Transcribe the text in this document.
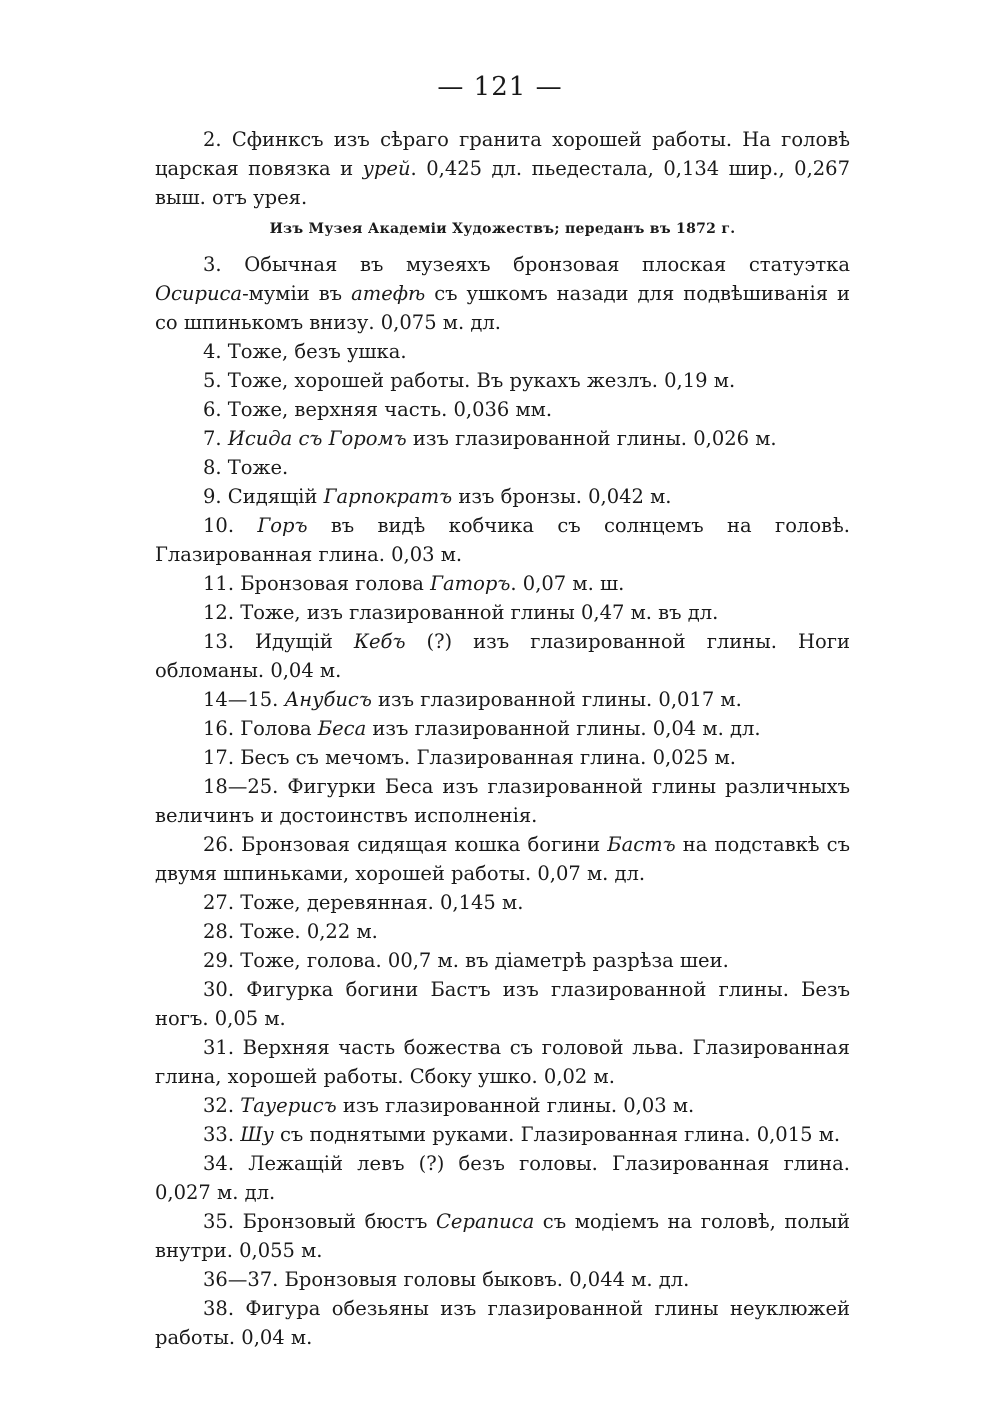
— 121 —

2. Сфинксъ изъ сѣраго гранита хорошей работы. На головѣ царская повязка и урей. 0,425 дл. пьедестала, 0,134 шир., 0,267 выш. отъ урея.

Изъ Музея Академіи Художествъ; переданъ въ 1872 г.

3. Обычная въ музеяхъ бронзовая плоская статуэтка Осириса-муміи въ атефѣ съ ушкомъ назади для подвѣшиванія и со шпинькомъ внизу. 0,075 м. дл.

4. Тоже, безъ ушка.

5. Тоже, хорошей работы. Въ рукахъ жезлъ. 0,19 м.

6. Тоже, верхняя часть. 0,036 мм.

7. Исида съ Горомъ изъ глазированной глины. 0,026 м.

8. Тоже.

9. Сидящій Гарпократъ изъ бронзы. 0,042 м.

10. Горъ въ видѣ кобчика съ солнцемъ на головѣ. Глазированная глина. 0,03 м.

11. Бронзовая голова Гаторъ. 0,07 м. ш.

12. Тоже, изъ глазированной глины 0,47 м. въ дл.

13. Идущій Кебъ (?) изъ глазированной глины. Ноги обломаны. 0,04 м.

14—15. Анубисъ изъ глазированной глины. 0,017 м.

16. Голова Беса изъ глазированной глины. 0,04 м. дл.

17. Бесъ съ мечомъ. Глазированная глина. 0,025 м.

18—25. Фигурки Беса изъ глазированной глины различныхъ величинъ и достоинствъ исполненія.

26. Бронзовая сидящая кошка богини Бастъ на подставкѣ съ двумя шпиньками, хорошей работы. 0,07 м. дл.

27. Тоже, деревянная. 0,145 м.

28. Тоже. 0,22 м.

29. Тоже, голова. 00,7 м. въ діаметрѣ разрѣза шеи.

30. Фигурка богини Бастъ изъ глазированной глины. Безъ ногъ. 0,05 м.

31. Верхняя часть божества съ головой льва. Глазированная глина, хорошей работы. Сбоку ушко. 0,02 м.

32. Тауерисъ изъ глазированной глины. 0,03 м.

33. Шу съ поднятыми руками. Глазированная глина. 0,015 м.

34. Лежащій левъ (?) безъ головы. Глазированная глина. 0,027 м. дл.

35. Бронзовый бюстъ Сераписа съ модіемъ на головѣ, полый внутри. 0,055 м.

36—37. Бронзовыя головы быковъ. 0,044 м. дл.

38. Фигура обезьяны изъ глазированной глины неуклюжей работы. 0,04 м.
